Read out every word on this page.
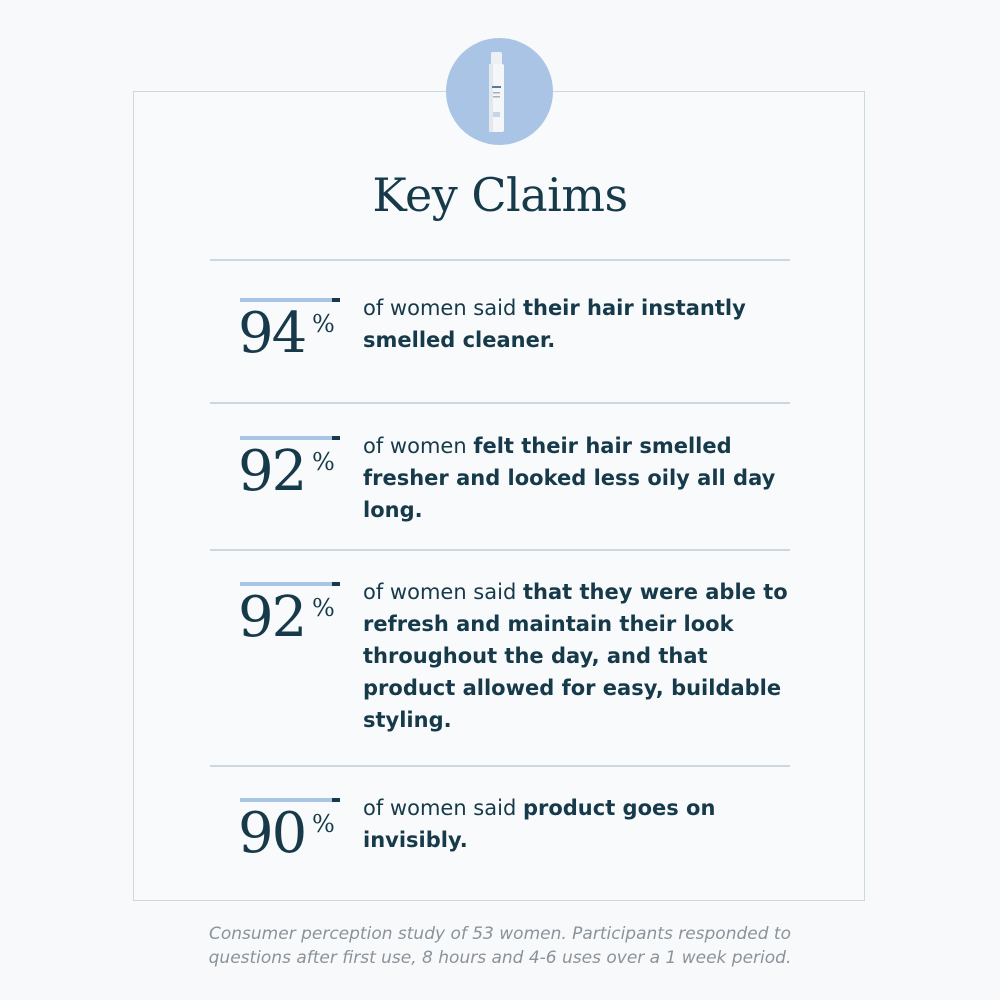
Key Claims
94 %
of women said their hair instantly smelled cleaner.
92 %
of women felt their hair smelled fresher and looked less oily all day long.
92 %
of women said that they were able to refresh and maintain their look throughout the day, and that product allowed for easy, buildable styling.
90 %
of women said product goes on invisibly.
Consumer perception study of 53 women. Participants responded to
questions after first use, 8 hours and 4-6 uses over a 1 week period.
